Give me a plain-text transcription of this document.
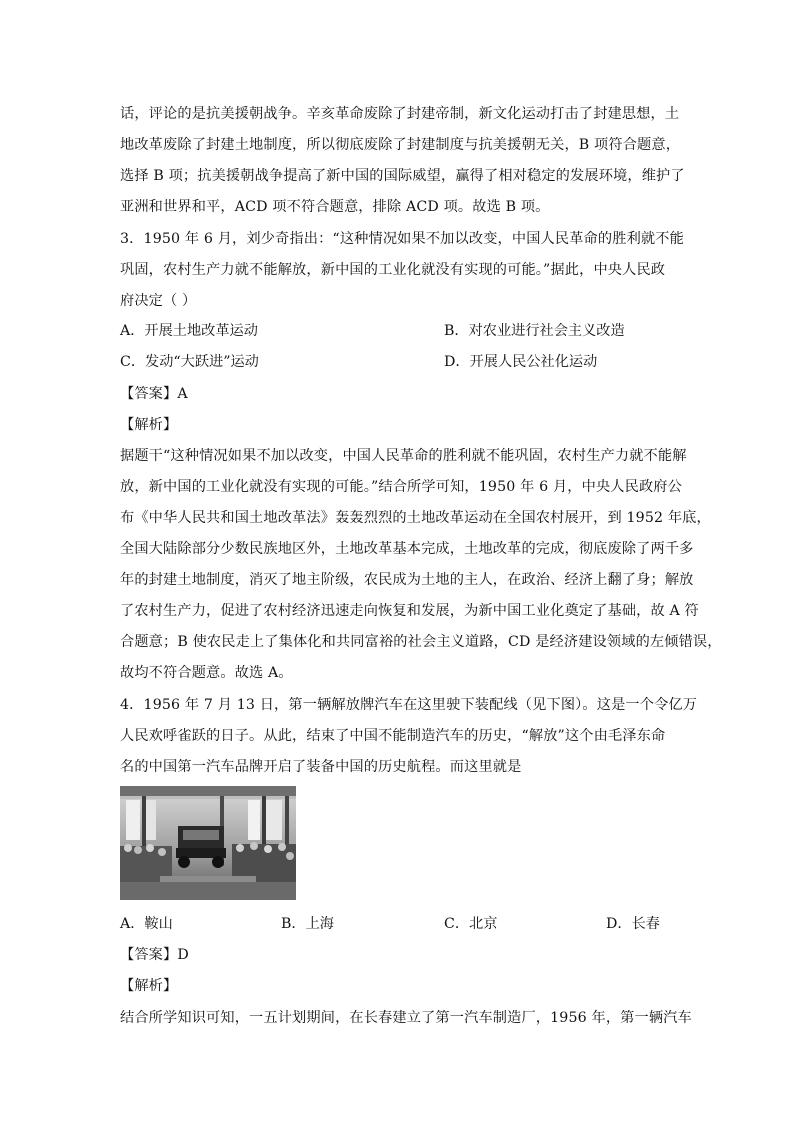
话，评论的是抗美援朝战争。辛亥革命废除了封建帝制，新文化运动打击了封建思想，土
地改革废除了封建土地制度，所以彻底废除了封建制度与抗美援朝无关，B 项符合题意，
选择 B 项；抗美援朝战争提高了新中国的国际威望，赢得了相对稳定的发展环境，维护了
亚洲和世界和平，ACD 项不符合题意，排除 ACD 项。故选 B 项。
3．1950 年 6 月，刘少奇指出：“这种情况如果不加以改变，中国人民革命的胜利就不能
巩固，农村生产力就不能解放，新中国的工业化就没有实现的可能。”据此，中央人民政
府决定（ ）
A．开展土地改革运动	B．对农业进行社会主义改造
C．发动“大跃进”运动	D．开展人民公社化运动
【答案】A
【解析】
据题干“这种情况如果不加以改变，中国人民革命的胜利就不能巩固，农村生产力就不能解
放，新中国的工业化就没有实现的可能。”结合所学可知，1950 年 6 月，中央人民政府公
布《中华人民共和国土地改革法》轰轰烈烈的土地改革运动在全国农村展开，到 1952 年底，
全国大陆除部分少数民族地区外，土地改革基本完成，土地改革的完成，彻底废除了两千多
年的封建土地制度，消灭了地主阶级，农民成为土地的主人，在政治、经济上翻了身；解放
了农村生产力，促进了农村经济迅速走向恢复和发展，为新中国工业化奠定了基础，故 A 符
合题意；B 使农民走上了集体化和共同富裕的社会主义道路，CD 是经济建设领域的左倾错误，
故均不符合题意。故选 A。
4．1956 年 7 月 13 日，第一辆解放牌汽车在这里驶下装配线（见下图）。这是一个令亿万
人民欢呼雀跃的日子。从此，结束了中国不能制造汽车的历史，“解放”这个由毛泽东命
名的中国第一汽车品牌开启了装备中国的历史航程。而这里就是
A．鞍山	B．上海	C．北京	D．长春
【答案】D
【解析】
结合所学知识可知，一五计划期间，在长春建立了第一汽车制造厂，1956 年，第一辆汽车
